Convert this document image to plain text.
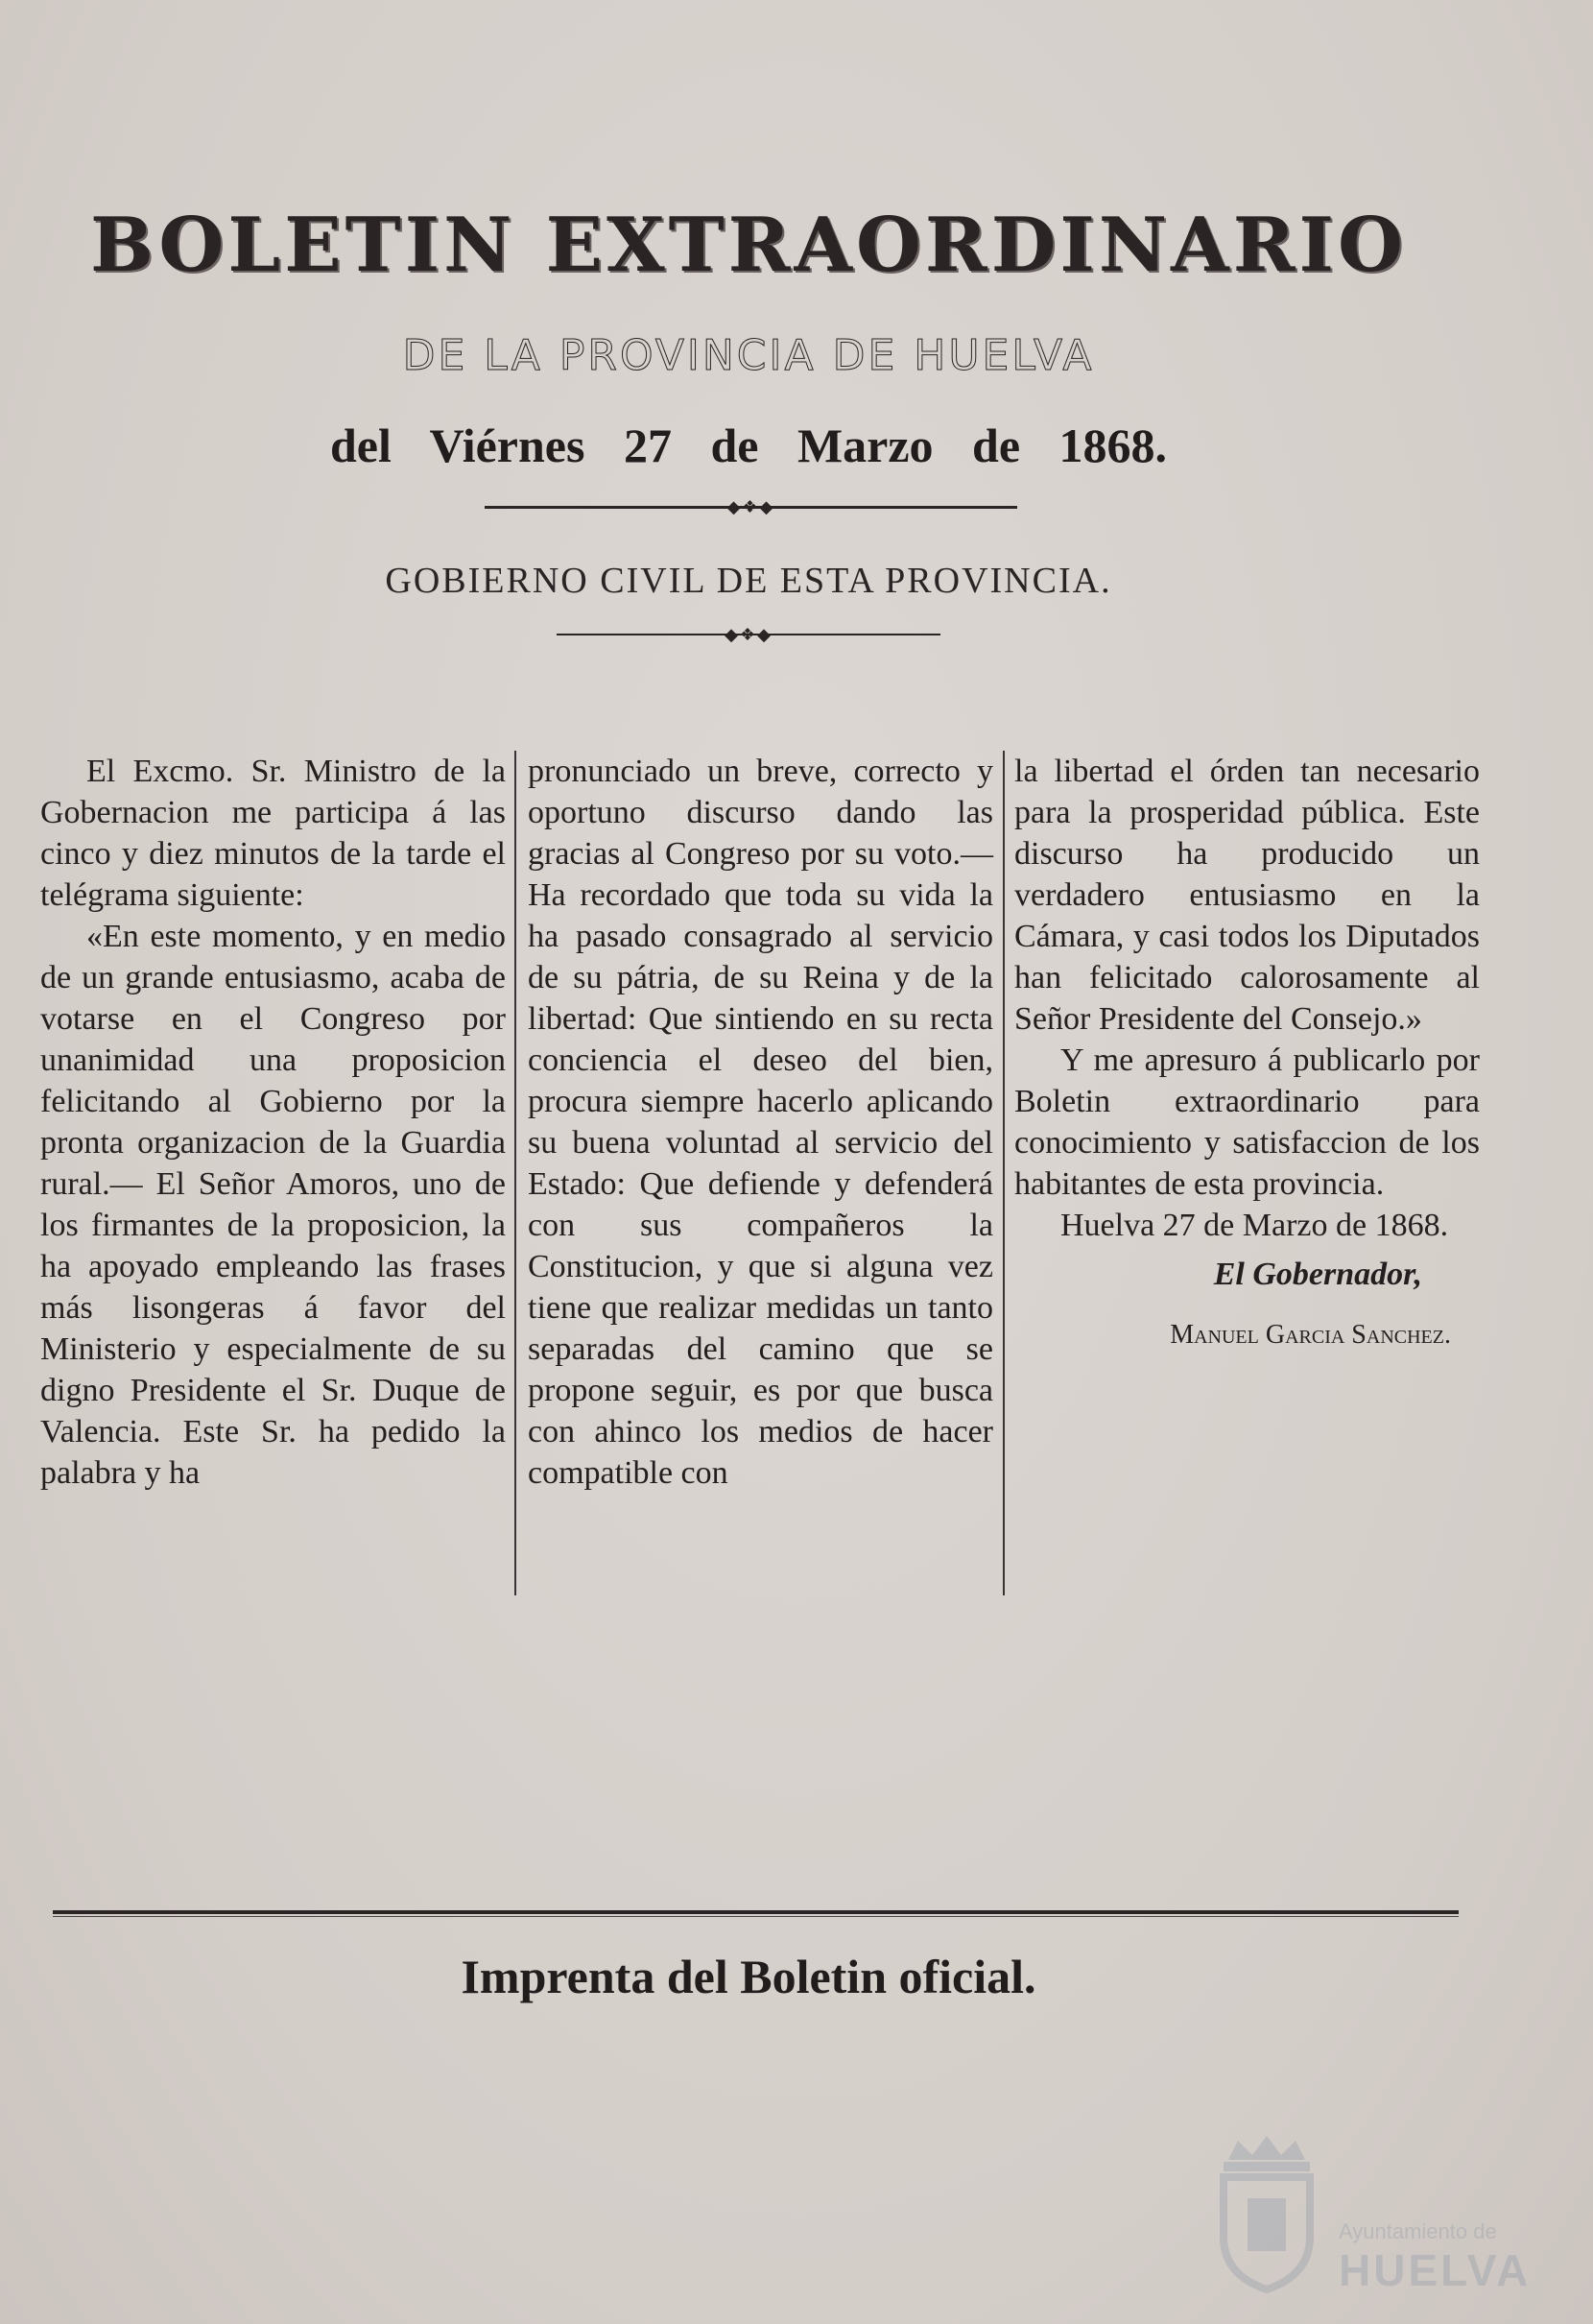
BOLETIN EXTRAORDINARIO
DE LA PROVINCIA DE HUELVA
del Viérnes 27 de Marzo de 1868.
◆❖◆
GOBIERNO CIVIL DE ESTA PROVINCIA.
◆❖◆

El Excmo. Sr. Ministro de la Gobernacion me participa á las cinco y diez minutos de la tarde el telégrama siguiente:

«En este momento, y en medio de un grande entusiasmo, acaba de votarse en el Congreso por unanimidad una proposicion felicitando al Gobierno por la pronta organizacion de la Guardia rural.— El Señor Amoros, uno de los firmantes de la proposicion, la ha apoyado empleando las frases más lisongeras á favor del Ministerio y especialmente de su digno Presidente el Sr. Duque de Valencia. Este Sr. ha pedido la palabra y ha

pronunciado un breve, correcto y oportuno discurso dando las gracias al Congreso por su voto.—Ha recordado que toda su vida la ha pasado consagrado al servicio de su pátria, de su Reina y de la libertad: Que sintiendo en su recta conciencia el deseo del bien, procura siempre hacerlo aplicando su buena voluntad al servicio del Estado: Que defiende y defenderá con sus compañeros la Constitucion, y que si alguna vez tiene que realizar medidas un tanto separadas del camino que se propone seguir, es por que busca con ahinco los medios de hacer compatible con

la libertad el órden tan necesario para la prosperidad pública. Este discurso ha producido un verdadero entusiasmo en la Cámara, y casi todos los Diputados han felicitado calorosamente al Señor Presidente del Consejo.»

Y me apresuro á publicarlo por Boletin extraordinario para conocimiento y satisfaccion de los habitantes de esta provincia.

Huelva 27 de Marzo de 1868.

El Gobernador,

Manuel Garcia Sanchez.

Imprenta del Boletin oficial.
Ayuntamiento de
HUELVA
